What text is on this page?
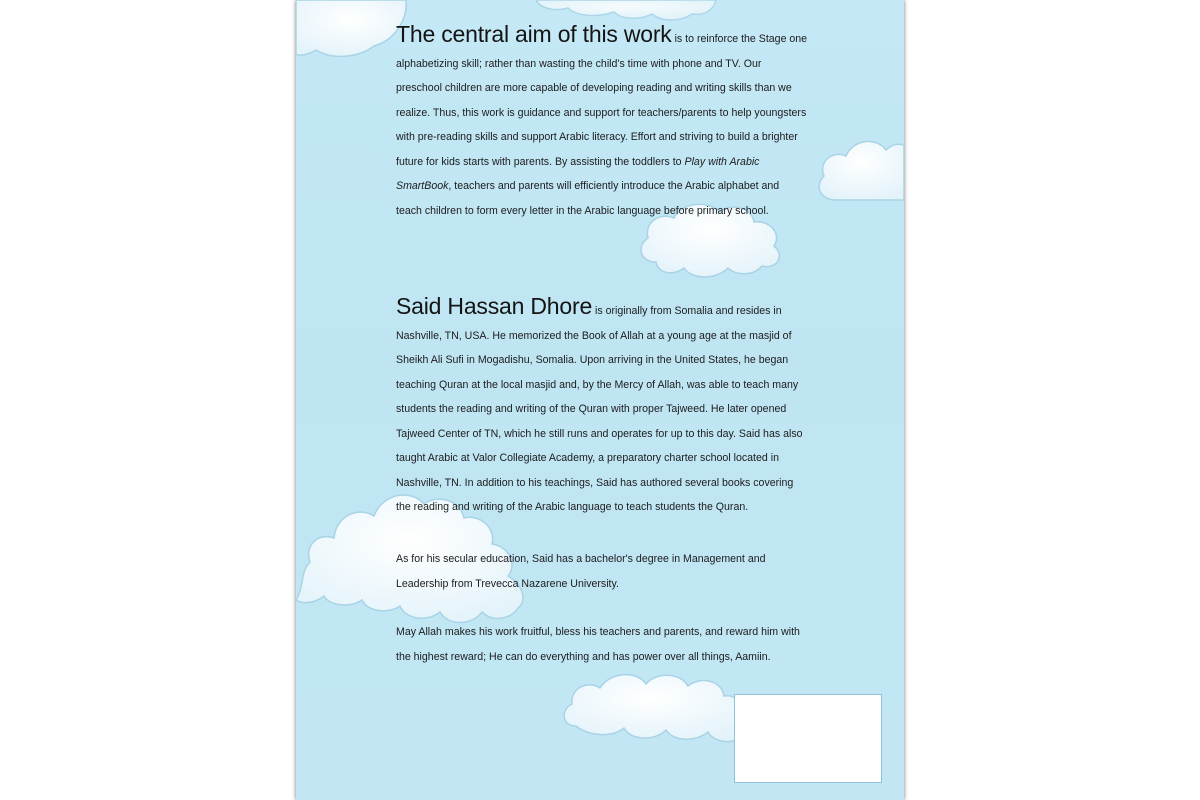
The central aim of this work is to reinforce the Stage one alphabetizing skill; rather than wasting the child's time with phone and TV. Our preschool children are more capable of developing reading and writing skills than we realize. Thus, this work is guidance and support for teachers/parents to help youngsters with pre-reading skills and support Arabic literacy. Effort and striving to build a brighter future for kids starts with parents. By assisting the toddlers to Play with Arabic SmartBook, teachers and parents will efficiently introduce the Arabic alphabet and teach children to form every letter in the Arabic language before primary school.

Said Hassan Dhore is originally from Somalia and resides in Nashville, TN, USA. He memorized the Book of Allah at a young age at the masjid of Sheikh Ali Sufi in Mogadishu, Somalia. Upon arriving in the United States, he began teaching Quran at the local masjid and, by the Mercy of Allah, was able to teach many students the reading and writing of the Quran with proper Tajweed. He later opened Tajweed Center of TN, which he still runs and operates for up to this day. Said has also taught Arabic at Valor Collegiate Academy, a preparatory charter school located in Nashville, TN. In addition to his teachings, Said has authored several books covering the reading and writing of the Arabic language to teach students the Quran.

As for his secular education, Said has a bachelor's degree in Management and Leadership from Trevecca Nazarene University.

May Allah makes his work fruitful, bless his teachers and parents, and reward him with the highest reward; He can do everything and has power over all things, Aamiin.
